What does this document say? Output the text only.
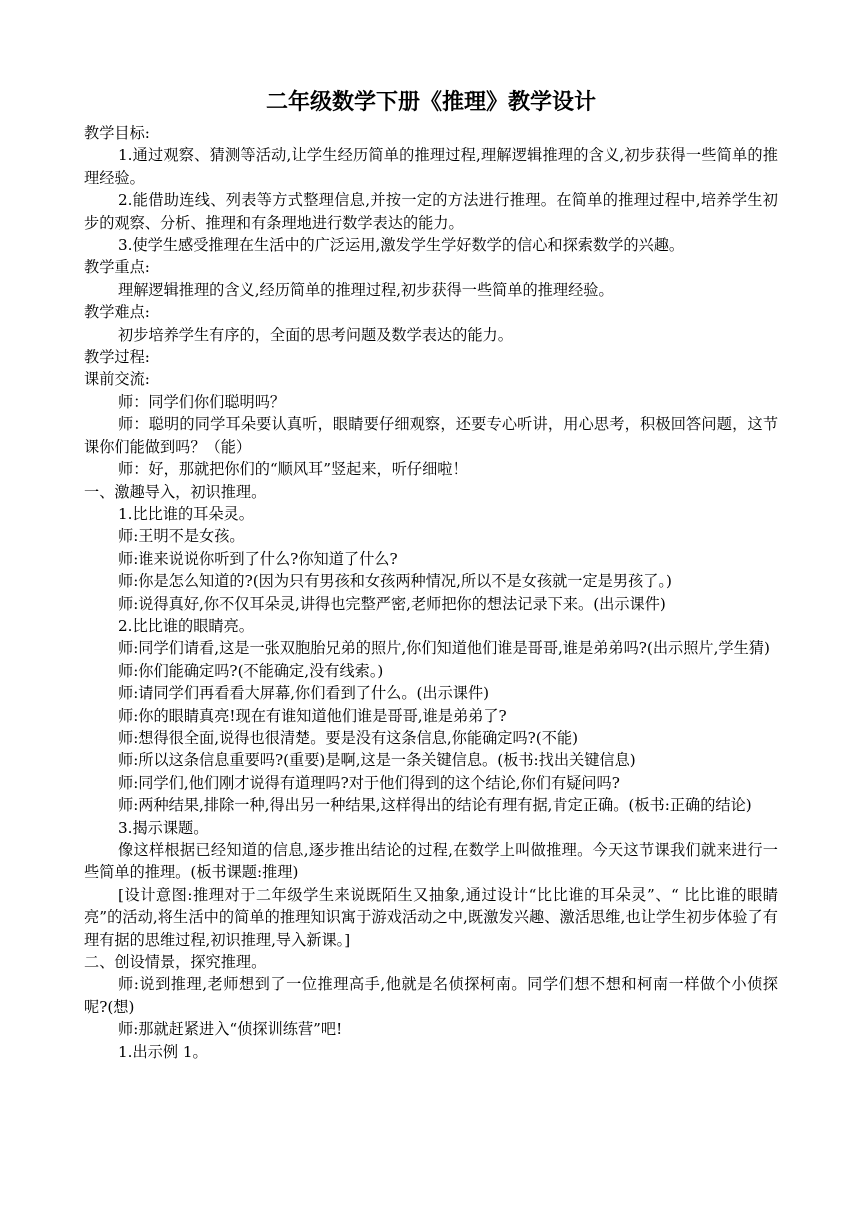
二年级数学下册《推理》教学设计
教学目标:
1.通过观察、猜测等活动,让学生经历简单的推理过程,理解逻辑推理的含义,初步获得一些简单的推理经验。
2.能借助连线、列表等方式整理信息,并按一定的方法进行推理。在简单的推理过程中,培养学生初步的观察、分析、推理和有条理地进行数学表达的能力。
3.使学生感受推理在生活中的广泛运用,激发学生学好数学的信心和探索数学的兴趣。
教学重点:
理解逻辑推理的含义,经历简单的推理过程,初步获得一些简单的推理经验。
教学难点:
初步培养学生有序的，全面的思考问题及数学表达的能力。
教学过程:
课前交流:
师：同学们你们聪明吗？
师：聪明的同学耳朵要认真听，眼睛要仔细观察，还要专心听讲，用心思考，积极回答问题，这节课你们能做到吗？（能）
师：好，那就把你们的“顺风耳”竖起来，听仔细啦！
一、激趣导入，初识推理。
1.比比谁的耳朵灵。
师:王明不是女孩。
师:谁来说说你听到了什么?你知道了什么?
师:你是怎么知道的?(因为只有男孩和女孩两种情况,所以不是女孩就一定是男孩了。)
师:说得真好,你不仅耳朵灵,讲得也完整严密,老师把你的想法记录下来。(出示课件)
2.比比谁的眼睛亮。
师:同学们请看,这是一张双胞胎兄弟的照片,你们知道他们谁是哥哥,谁是弟弟吗?(出示照片,学生猜)
师:你们能确定吗?(不能确定,没有线索。)
师:请同学们再看看大屏幕,你们看到了什么。(出示课件)
师:你的眼睛真亮!现在有谁知道他们谁是哥哥,谁是弟弟了?
师:想得很全面,说得也很清楚。要是没有这条信息,你能确定吗?(不能)
师:所以这条信息重要吗?(重要)是啊,这是一条关键信息。(板书:找出关键信息)
师:同学们,他们刚才说得有道理吗?对于他们得到的这个结论,你们有疑问吗?
师:两种结果,排除一种,得出另一种结果,这样得出的结论有理有据,肯定正确。(板书:正确的结论)
3.揭示课题。
像这样根据已经知道的信息,逐步推出结论的过程,在数学上叫做推理。今天这节课我们就来进行一些简单的推理。(板书课题:推理)
[设计意图:推理对于二年级学生来说既陌生又抽象,通过设计“比比谁的耳朵灵”、“ 比比谁的眼睛亮”的活动,将生活中的简单的推理知识寓于游戏活动之中,既激发兴趣、激活思维,也让学生初步体验了有理有据的思维过程,初识推理,导入新课。]
二、创设情景，探究推理。
师:说到推理,老师想到了一位推理高手,他就是名侦探柯南。同学们想不想和柯南一样做个小侦探呢?(想)
师:那就赶紧进入“侦探训练营”吧!
1.出示例 1。
